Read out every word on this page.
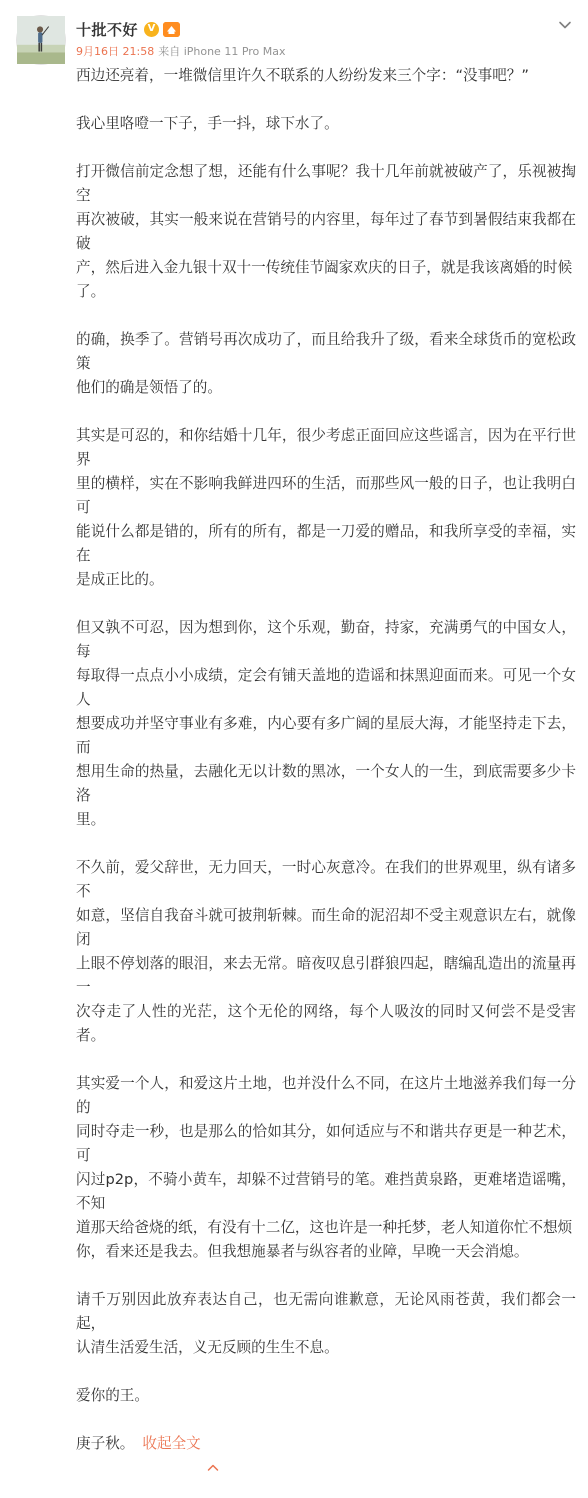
十批不好 V
9月16日 21:58 来自 iPhone 11 Pro Max

西边还亮着，一堆微信里许久不联系的人纷纷发来三个字：“没事吧？”

我心里咯噔一下子，手一抖，球下水了。

打开微信前定念想了想，还能有什么事呢？我十几年前就被破产了，乐视被掏空
再次被破，其实一般来说在营销号的内容里，每年过了春节到暑假结束我都在破
产，然后进入金九银十双十一传统佳节阖家欢庆的日子，就是我该离婚的时候
了。

的确，换季了。营销号再次成功了，而且给我升了级，看来全球货币的宽松政策
他们的确是领悟了的。

其实是可忍的，和你结婚十几年，很少考虑正面回应这些谣言，因为在平行世界
里的横样，实在不影响我鲜进四环的生活，而那些风一般的日子，也让我明白可
能说什么都是错的，所有的所有，都是一刀爱的赠品，和我所享受的幸福，实在
是成正比的。

但又孰不可忍，因为想到你，这个乐观，勤奋，持家，充满勇气的中国女人，每
每取得一点点小小成绩，定会有铺天盖地的造谣和抹黑迎面而来。可见一个女人
想要成功并坚守事业有多难，内心要有多广阔的星辰大海，才能坚持走下去，而
想用生命的热量，去融化无以计数的黑冰，一个女人的一生，到底需要多少卡洛
里。

不久前，爱父辞世，无力回天，一时心灰意冷。在我们的世界观里，纵有诸多不
如意，坚信自我奋斗就可披荆斩棘。而生命的泥沼却不受主观意识左右，就像闭
上眼不停划落的眼泪，来去无常。暗夜叹息引群狼四起，瞎编乱造出的流量再一
次夺走了人性的光茫，这个无伦的网络，每个人吸汝的同时又何尝不是受害者。

其实爱一个人，和爱这片土地，也并没什么不同，在这片土地滋养我们每一分的
同时夺走一秒，也是那么的恰如其分，如何适应与不和谐共存更是一种艺术，可
闪过p2p，不骑小黄车，却躲不过营销号的笔。难挡黄泉路，更难堵造谣嘴，不知
道那天给爸烧的纸，有没有十二亿，这也许是一种托梦，老人知道你忙不想烦
你，看来还是我去。但我想施暴者与纵容者的业障，早晚一天会消熄。

请千万别因此放弃表达自己，也无需向谁歉意，无论风雨苍黄，我们都会一起，
认清生活爱生活，义无反顾的生生不息。

爱你的王。

庚子秋。 收起全文
